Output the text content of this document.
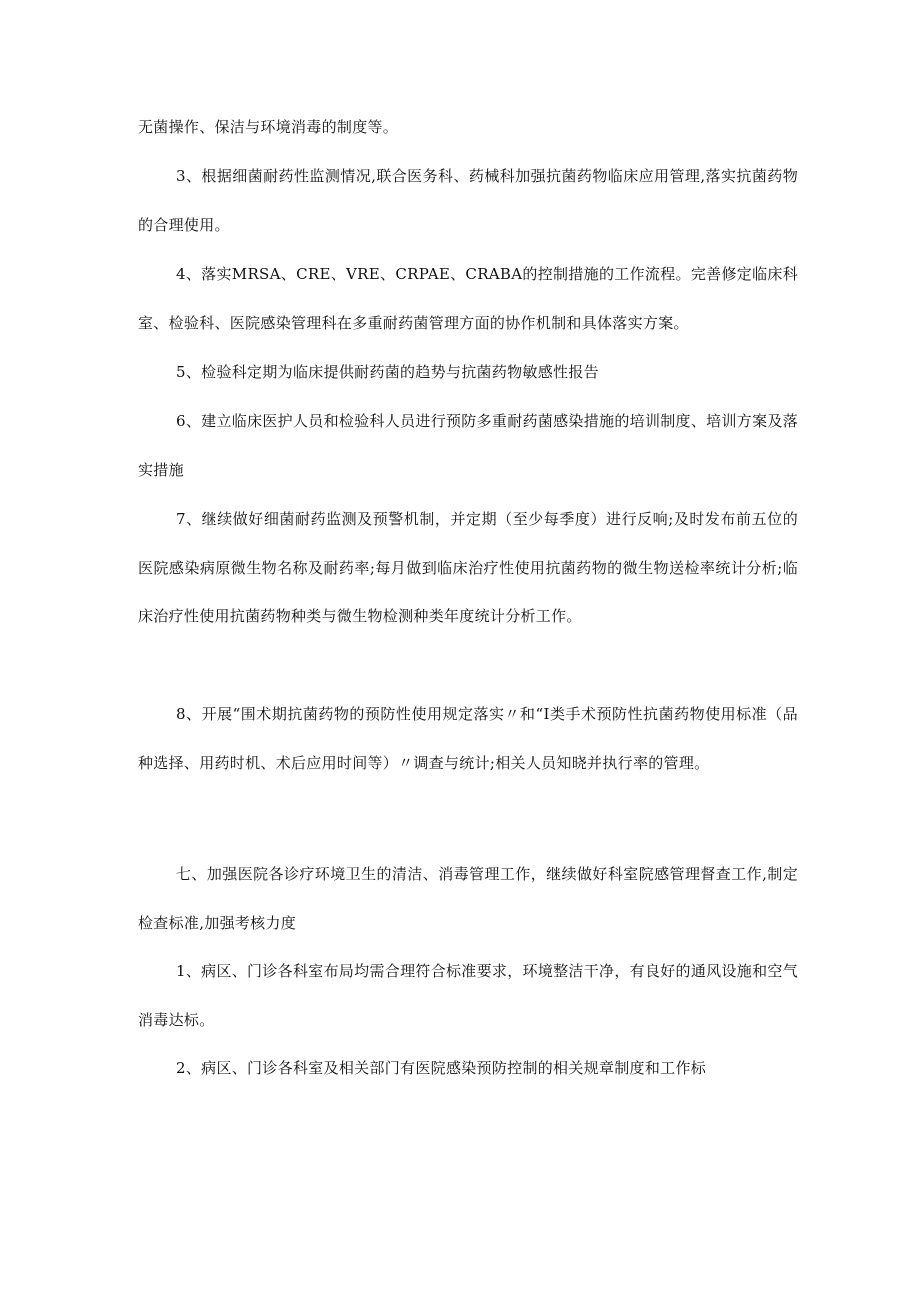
无菌操作、保洁与环境消毒的制度等。

3、根据细菌耐药性监测情况,联合医务科、药械科加强抗菌药物临床应用管理,落实抗菌药物的合理使用。

4、落实MRSA、CRE、VRE、CRPAE、CRABA的控制措施的工作流程。完善修定临床科室、检验科、医院感染管理科在多重耐药菌管理方面的协作机制和具体落实方案。

5、检验科定期为临床提供耐药菌的趋势与抗菌药物敏感性报告

6、建立临床医护人员和检验科人员进行预防多重耐药菌感染措施的培训制度、培训方案及落实措施

7、继续做好细菌耐药监测及预警机制，并定期（至少每季度）进行反响;及时发布前五位的医院感染病原微生物名称及耐药率;每月做到临床治疗性使用抗菌药物的微生物送检率统计分析;临床治疗性使用抗菌药物种类与微生物检测种类年度统计分析工作。

8、开展“围术期抗菌药物的预防性使用规定落实〃和“I类手术预防性抗菌药物使用标准（品种选择、用药时机、术后应用时间等）〃调查与统计;相关人员知晓并执行率的管理。

七、加强医院各诊疗环境卫生的清洁、消毒管理工作，继续做好科室院感管理督查工作,制定检查标准,加强考核力度

1、病区、门诊各科室布局均需合理符合标准要求，环境整洁干净，有良好的通风设施和空气消毒达标。

2、病区、门诊各科室及相关部门有医院感染预防控制的相关规章制度和工作标
